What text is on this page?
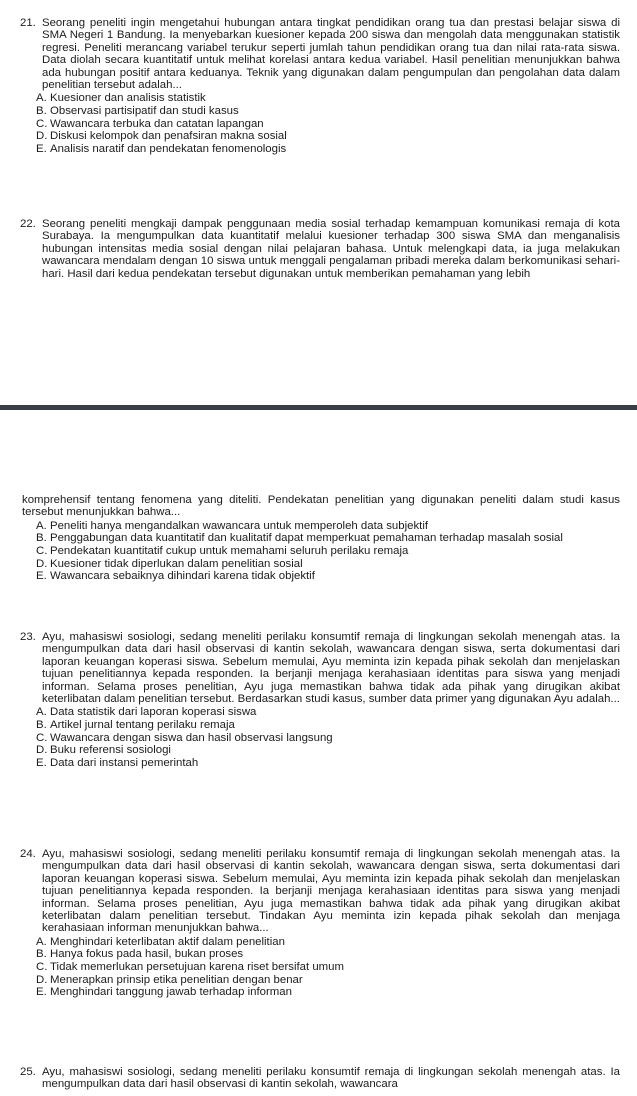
21. Seorang peneliti ingin mengetahui hubungan antara tingkat pendidikan orang tua dan prestasi belajar siswa di SMA Negeri 1 Bandung. Ia menyebarkan kuesioner kepada 200 siswa dan mengolah data menggunakan statistik regresi. Peneliti merancang variabel terukur seperti jumlah tahun pendidikan orang tua dan nilai rata-rata siswa. Data diolah secara kuantitatif untuk melihat korelasi antara kedua variabel. Hasil penelitian menunjukkan bahwa ada hubungan positif antara keduanya. Teknik yang digunakan dalam pengumpulan dan pengolahan data dalam penelitian tersebut adalah...

A. Kuesioner dan analisis statistik

B. Observasi partisipatif dan studi kasus

C. Wawancara terbuka dan catatan lapangan

D. Diskusi kelompok dan penafsiran makna sosial

E. Analisis naratif dan pendekatan fenomenologis

22. Seorang peneliti mengkaji dampak penggunaan media sosial terhadap kemampuan komunikasi remaja di kota Surabaya. Ia mengumpulkan data kuantitatif melalui kuesioner terhadap 300 siswa SMA dan menganalisis hubungan intensitas media sosial dengan nilai pelajaran bahasa. Untuk melengkapi data, ia juga melakukan wawancara mendalam dengan 10 siswa untuk menggali pengalaman pribadi mereka dalam berkomunikasi sehari-hari. Hasil dari kedua pendekatan tersebut digunakan untuk memberikan pemahaman yang lebih

komprehensif tentang fenomena yang diteliti. Pendekatan penelitian yang digunakan peneliti dalam studi kasus tersebut menunjukkan bahwa...

A. Peneliti hanya mengandalkan wawancara untuk memperoleh data subjektif

B. Penggabungan data kuantitatif dan kualitatif dapat memperkuat pemahaman terhadap masalah sosial

C. Pendekatan kuantitatif cukup untuk memahami seluruh perilaku remaja

D. Kuesioner tidak diperlukan dalam penelitian sosial

E. Wawancara sebaiknya dihindari karena tidak objektif

23. Ayu, mahasiswi sosiologi, sedang meneliti perilaku konsumtif remaja di lingkungan sekolah menengah atas. Ia mengumpulkan data dari hasil observasi di kantin sekolah, wawancara dengan siswa, serta dokumentasi dari laporan keuangan koperasi siswa. Sebelum memulai, Ayu meminta izin kepada pihak sekolah dan menjelaskan tujuan penelitiannya kepada responden. Ia berjanji menjaga kerahasiaan identitas para siswa yang menjadi informan. Selama proses penelitian, Ayu juga memastikan bahwa tidak ada pihak yang dirugikan akibat keterlibatan dalam penelitian tersebut. Berdasarkan studi kasus, sumber data primer yang digunakan Ayu adalah...

A. Data statistik dari laporan koperasi siswa

B. Artikel jurnal tentang perilaku remaja

C. Wawancara dengan siswa dan hasil observasi langsung

D. Buku referensi sosiologi

E. Data dari instansi pemerintah

24. Ayu, mahasiswi sosiologi, sedang meneliti perilaku konsumtif remaja di lingkungan sekolah menengah atas. Ia mengumpulkan data dari hasil observasi di kantin sekolah, wawancara dengan siswa, serta dokumentasi dari laporan keuangan koperasi siswa. Sebelum memulai, Ayu meminta izin kepada pihak sekolah dan menjelaskan tujuan penelitiannya kepada responden. Ia berjanji menjaga kerahasiaan identitas para siswa yang menjadi informan. Selama proses penelitian, Ayu juga memastikan bahwa tidak ada pihak yang dirugikan akibat keterlibatan dalam penelitian tersebut. Tindakan Ayu meminta izin kepada pihak sekolah dan menjaga kerahasiaan informan menunjukkan bahwa...

A. Menghindari keterlibatan aktif dalam penelitian

B. Hanya fokus pada hasil, bukan proses

C. Tidak memerlukan persetujuan karena riset bersifat umum

D. Menerapkan prinsip etika penelitian dengan benar

E. Menghindari tanggung jawab terhadap informan

25. Ayu, mahasiswi sosiologi, sedang meneliti perilaku konsumtif remaja di lingkungan sekolah menengah atas. Ia mengumpulkan data dari hasil observasi di kantin sekolah, wawancara
